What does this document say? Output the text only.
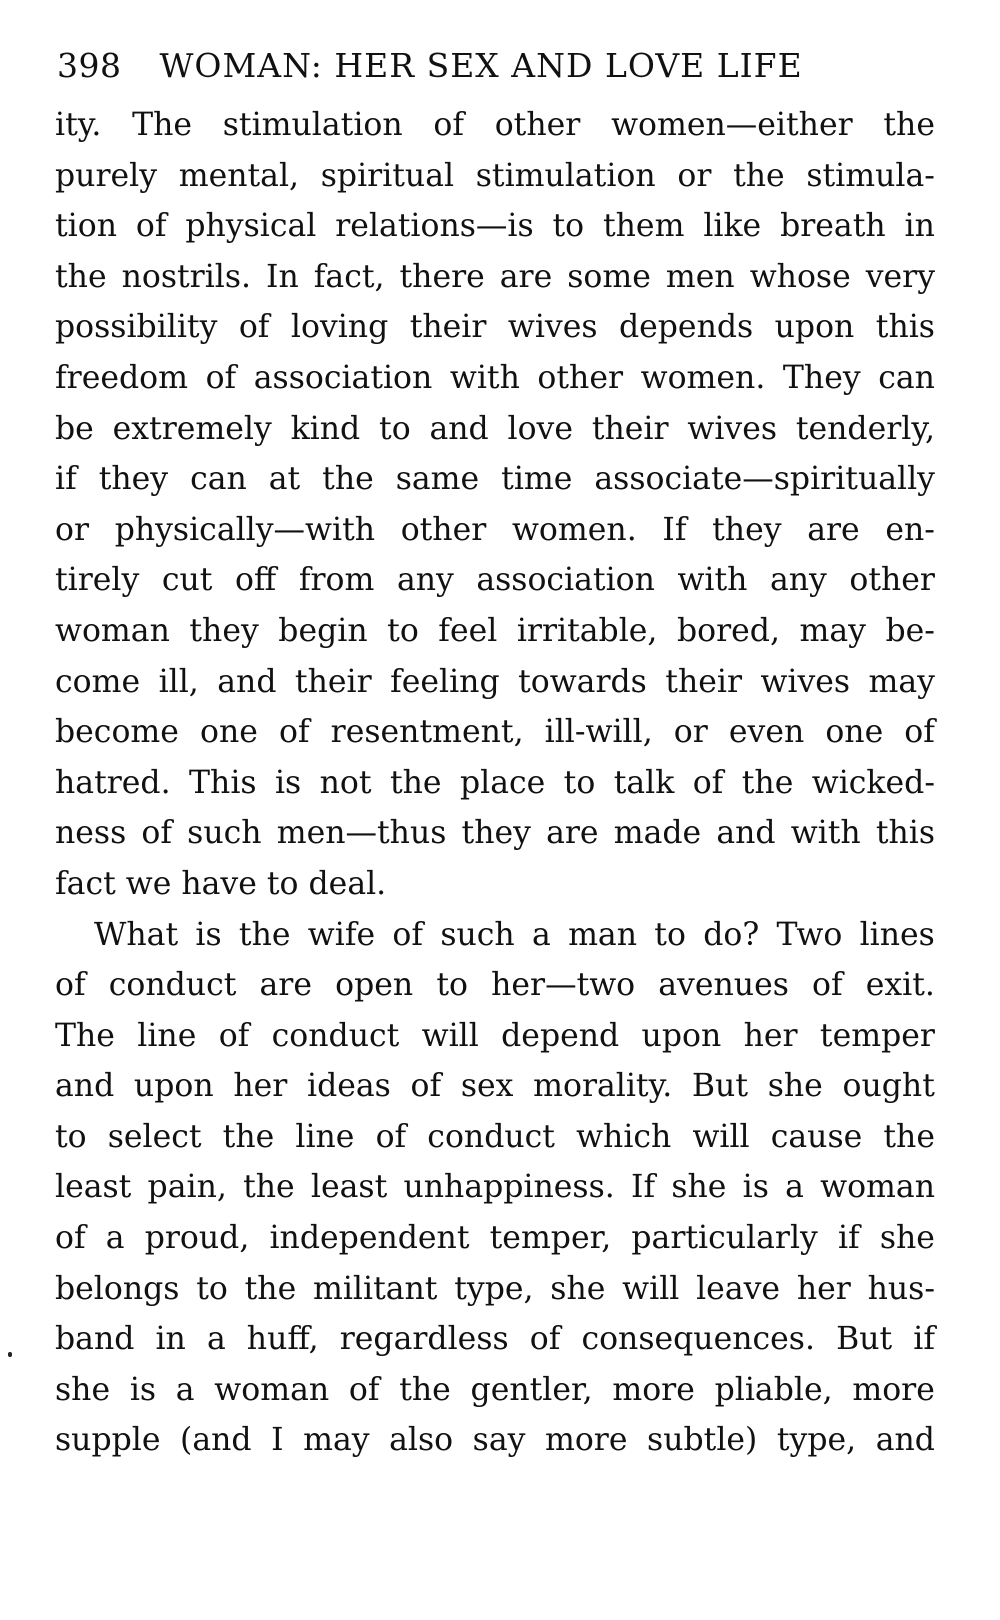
398 WOMAN: HER SEX AND LOVE LIFE
ity. The stimulation of other women—either the
purely mental, spiritual stimulation or the stimula-
tion of physical relations—is to them like breath in
the nostrils. In fact, there are some men whose very
possibility of loving their wives depends upon this
freedom of association with other women. They can
be extremely kind to and love their wives tenderly,
if they can at the same time associate—spiritually
or physically—with other women. If they are en-
tirely cut off from any association with any other
woman they begin to feel irritable, bored, may be-
come ill, and their feeling towards their wives may
become one of resentment, ill-will, or even one of
hatred. This is not the place to talk of the wicked-
ness of such men—thus they are made and with this
fact we have to deal.
What is the wife of such a man to do? Two lines
of conduct are open to her—two avenues of exit.
The line of conduct will depend upon her temper
and upon her ideas of sex morality. But she ought
to select the line of conduct which will cause the
least pain, the least unhappiness. If she is a woman
of a proud, independent temper, particularly if she
belongs to the militant type, she will leave her hus-
band in a huff, regardless of consequences. But if
she is a woman of the gentler, more pliable, more
supple (and I may also say more subtle) type, and
